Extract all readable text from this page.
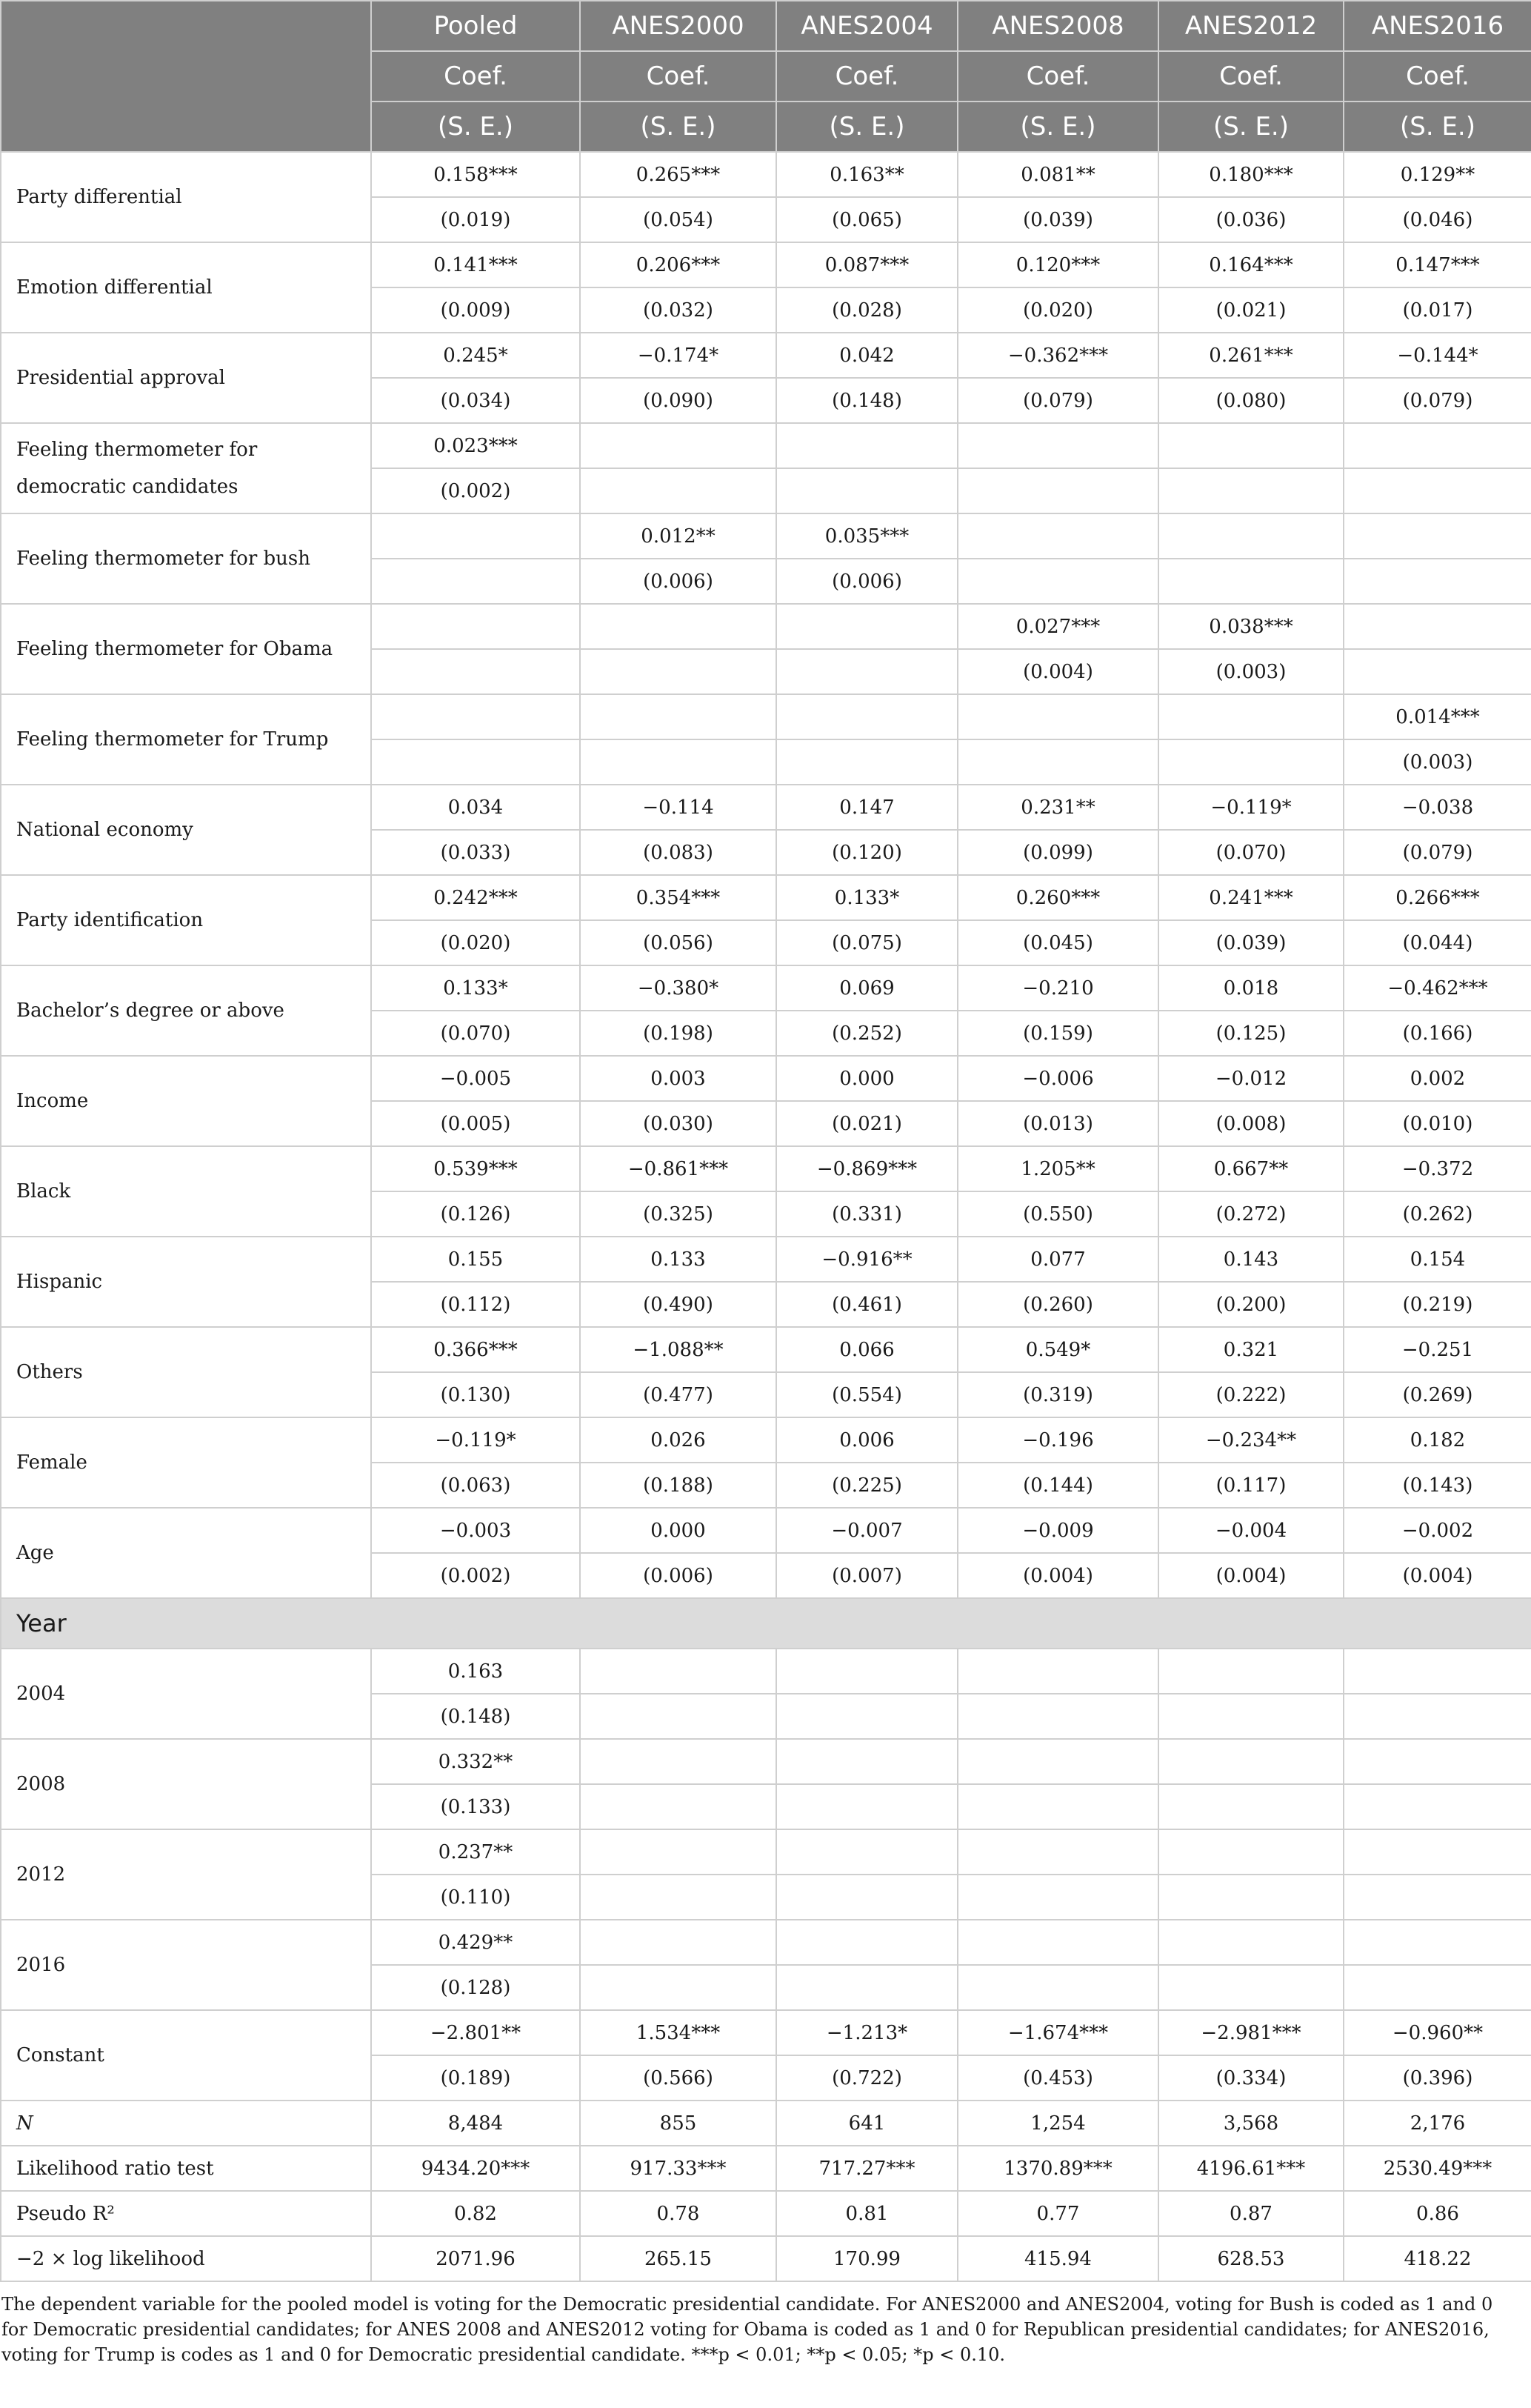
	Pooled	ANES2000	ANES2004	ANES2008	ANES2012	ANES2016
	Coef.	Coef.	Coef.	Coef.	Coef.	Coef.
	(S. E.)	(S. E.)	(S. E.)	(S. E.)	(S. E.)	(S. E.)
Party differential	0.158***	0.265***	0.163**	0.081**	0.180***	0.129**
	(0.019)	(0.054)	(0.065)	(0.039)	(0.036)	(0.046)
Emotion differential	0.141***	0.206***	0.087***	0.120***	0.164***	0.147***
	(0.009)	(0.032)	(0.028)	(0.020)	(0.021)	(0.017)
Presidential approval	0.245*	−0.174*	0.042	−0.362***	0.261***	−0.144*
	(0.034)	(0.090)	(0.148)	(0.079)	(0.080)	(0.079)
Feeling thermometer for democratic candidates	0.023***					
	(0.002)					
Feeling thermometer for bush		0.012**	0.035***			
		(0.006)	(0.006)			
Feeling thermometer for Obama				0.027***	0.038***	
				(0.004)	(0.003)	
Feeling thermometer for Trump						0.014***
						(0.003)
National economy	0.034	−0.114	0.147	0.231**	−0.119*	−0.038
	(0.033)	(0.083)	(0.120)	(0.099)	(0.070)	(0.079)
Party identification	0.242***	0.354***	0.133*	0.260***	0.241***	0.266***
	(0.020)	(0.056)	(0.075)	(0.045)	(0.039)	(0.044)
Bachelor’s degree or above	0.133*	−0.380*	0.069	−0.210	0.018	−0.462***
	(0.070)	(0.198)	(0.252)	(0.159)	(0.125)	(0.166)
Income	−0.005	0.003	0.000	−0.006	−0.012	0.002
	(0.005)	(0.030)	(0.021)	(0.013)	(0.008)	(0.010)
Black	0.539***	−0.861***	−0.869***	1.205**	0.667**	−0.372
	(0.126)	(0.325)	(0.331)	(0.550)	(0.272)	(0.262)
Hispanic	0.155	0.133	−0.916**	0.077	0.143	0.154
	(0.112)	(0.490)	(0.461)	(0.260)	(0.200)	(0.219)
Others	0.366***	−1.088**	0.066	0.549*	0.321	−0.251
	(0.130)	(0.477)	(0.554)	(0.319)	(0.222)	(0.269)
Female	−0.119*	0.026	0.006	−0.196	−0.234**	0.182
	(0.063)	(0.188)	(0.225)	(0.144)	(0.117)	(0.143)
Age	−0.003	0.000	−0.007	−0.009	−0.004	−0.002
	(0.002)	(0.006)	(0.007)	(0.004)	(0.004)	(0.004)
Year						
2004	0.163					
	(0.148)					
2008	0.332**					
	(0.133)					
2012	0.237**					
	(0.110)					
2016	0.429**					
	(0.128)					
Constant	−2.801**	1.534***	−1.213*	−1.674***	−2.981***	−0.960**
	(0.189)	(0.566)	(0.722)	(0.453)	(0.334)	(0.396)
N	8,484	855	641	1,254	3,568	2,176
Likelihood ratio test	9434.20***	917.33***	717.27***	1370.89***	4196.61***	2530.49***
Pseudo R²	0.82	0.78	0.81	0.77	0.87	0.86
−2 × log likelihood	2071.96	265.15	170.99	415.94	628.53	418.22
The dependent variable for the pooled model is voting for the Democratic presidential candidate. For ANES2000 and ANES2004, voting for Bush is coded as 1 and 0 for Democratic presidential candidates; for ANES 2008 and ANES2012 voting for Obama is coded as 1 and 0 for Republican presidential candidates; for ANES2016, voting for Trump is codes as 1 and 0 for Democratic presidential candidate. ***p < 0.01; **p < 0.05; *p < 0.10.
